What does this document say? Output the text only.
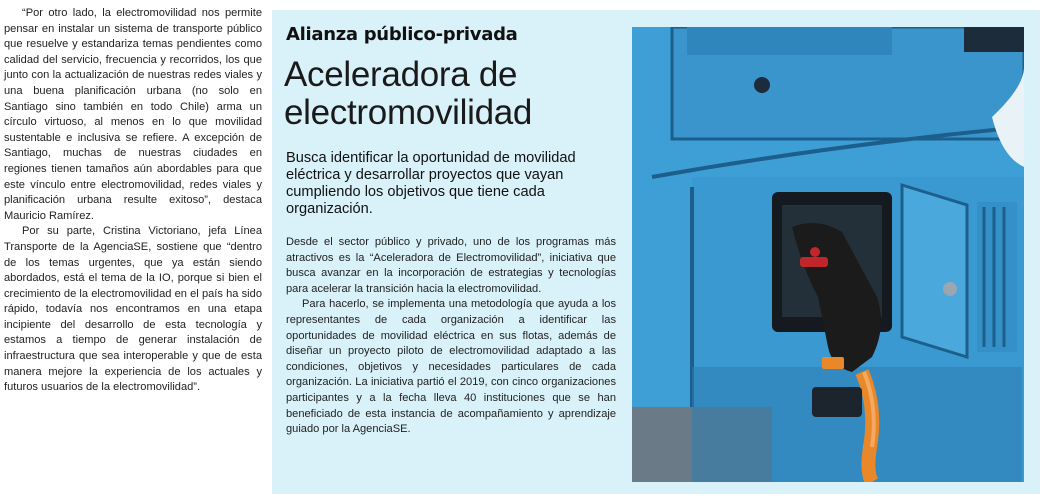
“Por otro lado, la electromovilidad nos permite pensar en instalar un sistema de transporte público que resuelve y estandariza temas pendientes como calidad del servicio, frecuencia y recorridos, los que junto con la actualización de nuestras redes viales y una buena planificación urbana (no solo en Santiago sino también en todo Chile) arma un círculo virtuoso, al menos en lo que movilidad sustentable e inclusiva se refiere. A excepción de Santiago, muchas de nuestras ciudades en regiones tienen tamaños aún abordables para que este vínculo entre electromovilidad, redes viales y planificación urbana resulte exitoso”, destaca Mauricio Ramírez.

Por su parte, Cristina Victoriano, jefa Línea Transporte de la AgenciaSE, sostiene que “dentro de los temas urgentes, que ya están siendo abordados, está el tema de la IO, porque si bien el crecimiento de la electromovilidad en el país ha sido rápido, todavía nos encontramos en una etapa incipiente del desarrollo de esta tecnología y estamos a tiempo de generar instalación de infraestructura que sea interoperable y que de esta manera mejore la experiencia de los actuales y futuros usuarios de la electromovilidad”.

Alianza público-privada
Aceleradora de electromovilidad
Busca identificar la oportunidad de movilidad eléctrica y desarrollar proyectos que vayan cumpliendo los objetivos que tiene cada organización.

Desde el sector público y privado, uno de los programas más atractivos es la “Aceleradora de Electromovilidad”, iniciativa que busca avanzar en la incorporación de estrategias y tecnologías para acelerar la transición hacia la electromovilidad.

Para hacerlo, se implementa una metodología que ayuda a los representantes de cada organización a identificar las oportunidades de movilidad eléctrica en sus flotas, además de diseñar un proyecto piloto de electromovilidad adaptado a las condiciones, objetivos y necesidades particulares de cada organización. La iniciativa partió el 2019, con cinco organizaciones participantes y a la fecha lleva 40 instituciones que se han beneficiado de esta instancia de acompañamiento y aprendizaje guiado por la AgenciaSE.
